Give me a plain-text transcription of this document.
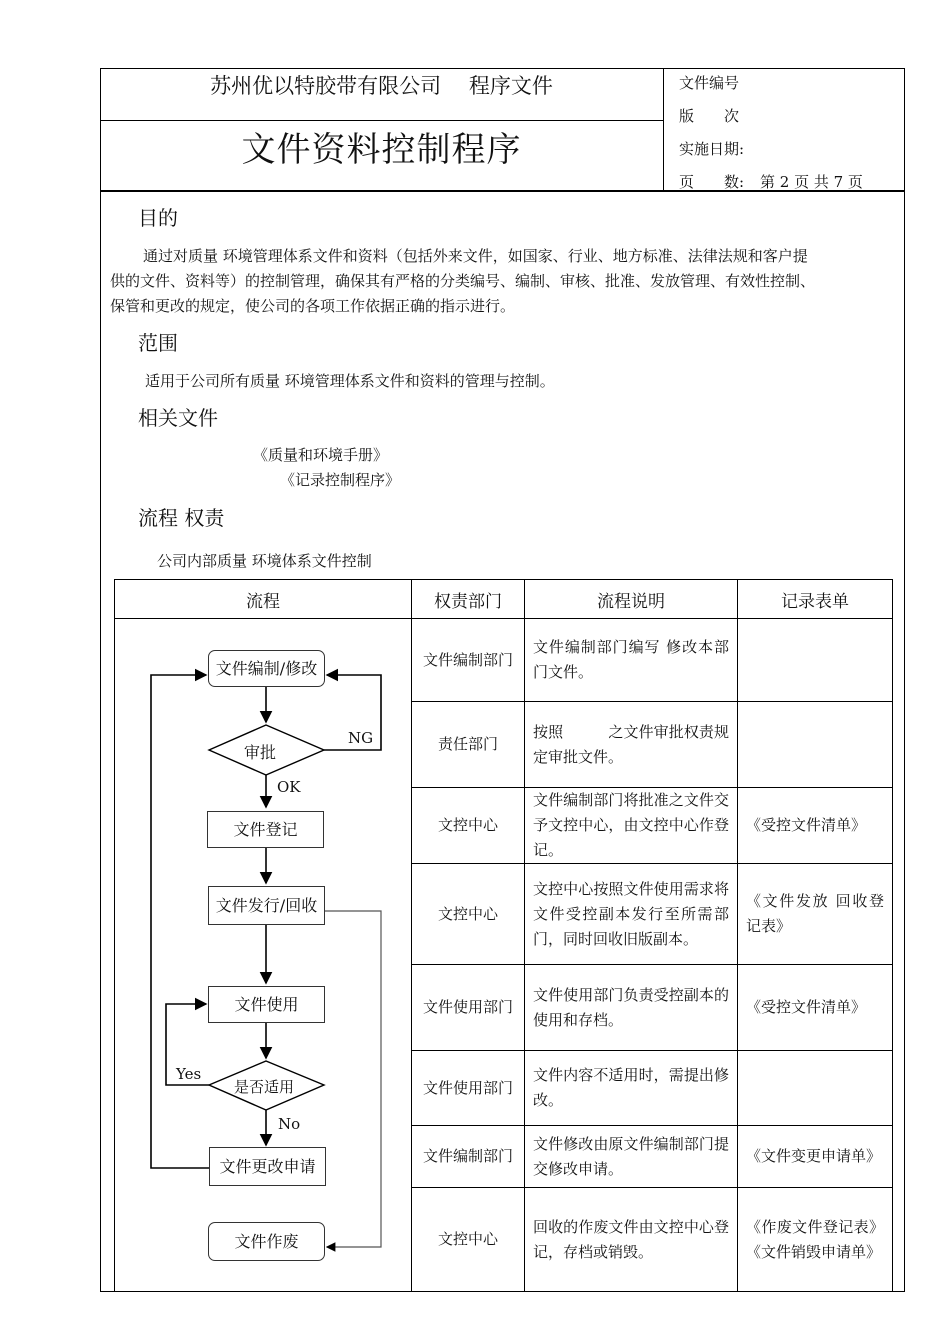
苏州优以特胶带有限公司　 程序文件
文件资料控制程序
文件编号
版　　次
实施日期:
页　　数: 第 2 页 共 7 页
目的
通过对质量 环境管理体系文件和资料（包括外来文件，如国家、行业、地方标准、法律法规和客户提
供的文件、资料等）的控制管理，确保其有严格的分类编号、编制、审核、批准、发放管理、有效性控制、
保管和更改的规定，使公司的各项工作依据正确的指示进行。
范围
适用于公司所有质量 环境管理体系文件和资料的管理与控制。
相关文件
《质量和环境手册》
《记录控制程序》
流程 权责
公司内部质量 环境体系文件控制
流程	权责部门	流程说明	记录表单
	文件编制部门	文件编制部门编写 修改本部门文件。	
	责任部门	按照　　　之文件审批权责规定审批文件。	
	文控中心	文件编制部门将批准之文件交予文控中心，由文控中心作登记。	《受控文件清单》
	文控中心	文控中心按照文件使用需求将文件受控副本发行至所需部门，同时回收旧版副本。	《文件发放 回收登记表》
	文件使用部门	文件使用部门负责受控副本的使用和存档。	《受控文件清单》
	文件使用部门	文件内容不适用时，需提出修改。	
	文件编制部门	文件修改由原文件编制部门提交修改申请。	《文件变更申请单》
	文控中心	回收的作废文件由文控中心登记，存档或销毁。	《作废文件登记表》《文件销毁申请单》
文件编制/修改
审批
文件登记
文件发行/回收
文件使用
是否适用
文件更改申请
文件作废
NG
OK
Yes
No
